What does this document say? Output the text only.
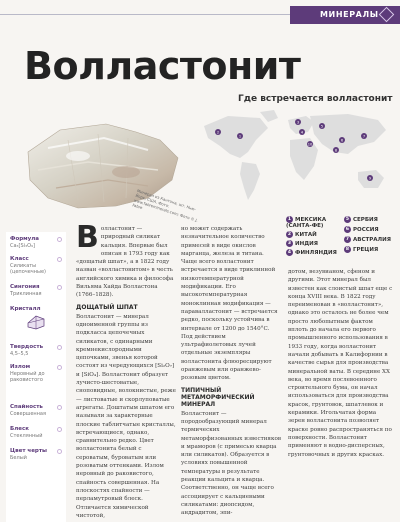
МИНЕРАЛЫ
Волластонит
Минерал из Кантона, шт. Нью-Йорк, США. Фото: www.fabreminerals.com; Фото © J. Fabre
Где встречается волластонит
1
2
3
4
5
6
7
8
9
10
1 МЕКСИКА
(САНТА-ФЕ)
2 КИТАЙ
3 ИНДИЯ
4 ФИНЛЯНДИЯ
5 СЕРБИЯ
6 РОССИЯ
7 АВСТРАЛИЯ
8 ГРЕЦИЯ
Формула
Ca₃[Si₃O₉]
Класс
Силикаты (цепочечные)
Сингония
Триклинная
Кристалл
Твердость
4,5–5,5
Излом
Неровный до раковистого
Спайность
Совершенная
Блеск
Стеклянный
Цвет черты
Белый
В олластонит — природный силикат кальция. Впервые был описан в 1793 году как «дощатый шпат», а в 1822 году назван «волластонитом» в честь английского химика и философа Вильяма Хайда Волластона (1766–1828).
ДОЩАТЫЙ ШПАТ
Волластонит — минерал одноименной группы из подкласса цепочечных силикатов, с одинарными кремнекислородными цепочками, звенья которой состоят из чередующихся [Si₂O₇] и [SiO₄]. Волластонит образует лучисто-шестоватые, сноповидные, волокнистые, реже — листоватые и скорлуповатые агрегаты. Доштатым шпатом его называли за характерные плоские таблитчатые кристаллы, встречающиеся, однако, сравнительно редко. Цвет волластонита белый с сероватым, буроватым или розоватым оттенками. Излом неровный до раковистого, спайность совершенная. На плоскостях спайности — перламутровый блеск. Отличается химической чистотой,
но может содержать незначительное количество примесей в виде окислов марганца, железа и титана. Чаще всего волластонит встречается в виде триклинной низкотемпературной модификации. Его высокотемпературная моноклинная модификация — паравалластонит — встречается редко, поскольку устойчива в интервале от 1200 до 1540°C. Под действием ультрафиолетовых лучей отдельные экземпляры волластонита флюоресцируют оранжевым или оранжево-розовым цветом.
ТИПИЧНЫЙ МЕТАМОРФИЧЕСКИЙ МИНЕРАЛ
Волластонит — породообразующий минерал термических метаморфизованных известняков и мраморов (с примесью кварца или силикатов). Образуется в условиях повышенной температуры в результате реакции кальцита и кварца. Соответственно, он чаще всего ассоциирует с кальциевыми силикатами: диопсидом, андрадитом, эпи-
дотом, везувианом, сфеном и другими. Этот минерал был известен как слоистый шпат еще с конца XVIII века. В 1822 году переименован в «волластонит», однако это осталось не более чем просто любопытным фактом вплоть до начала его первого промышленного использования в 1933 году, когда волластонит начали добывать в Калифорнии в качестве сырья для производства минеральной ваты. В середине XX века, во время послевоенного строительного бума, он начал использоваться для производства красок, грунтовок, шпатлевок и керамики. Игольчатая форма зерен волластонита позволяет краске ровно распространяться по поверхности. Волластонит применяют в водно-дисперсных, грунтовочных и других красках.
